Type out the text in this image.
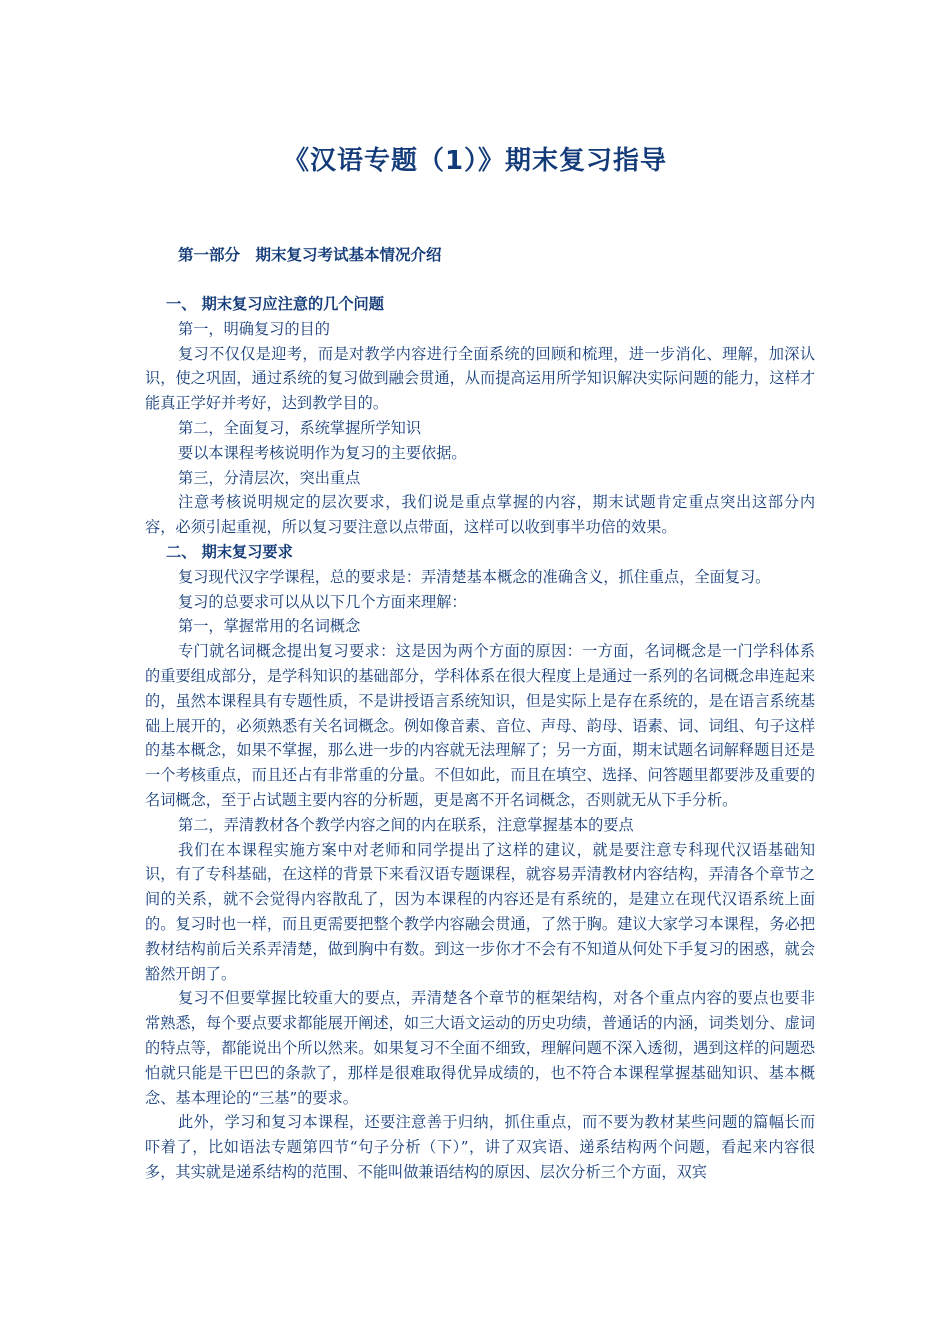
《汉语专题（1）》期末复习指导
第一部分　期末复习考试基本情况介绍

一、 期末复习应注意的几个问题

第一，明确复习的目的

复习不仅仅是迎考，而是对教学内容进行全面系统的回顾和梳理，进一步消化、理解，加深认识，使之巩固，通过系统的复习做到融会贯通，从而提高运用所学知识解决实际问题的能力，这样才能真正学好并考好，达到教学目的。

第二，全面复习，系统掌握所学知识

要以本课程考核说明作为复习的主要依据。

第三，分清层次，突出重点

注意考核说明规定的层次要求，我们说是重点掌握的内容，期末试题肯定重点突出这部分内容，必须引起重视，所以复习要注意以点带面，这样可以收到事半功倍的效果。

二、 期末复习要求

复习现代汉字学课程，总的要求是：弄清楚基本概念的准确含义，抓住重点，全面复习。

复习的总要求可以从以下几个方面来理解：

第一，掌握常用的名词概念

专门就名词概念提出复习要求：这是因为两个方面的原因：一方面，名词概念是一门学科体系的重要组成部分，是学科知识的基础部分，学科体系在很大程度上是通过一系列的名词概念串连起来的，虽然本课程具有专题性质，不是讲授语言系统知识，但是实际上是存在系统的，是在语言系统基础上展开的，必须熟悉有关名词概念。例如像音素、音位、声母、韵母、语素、词、词组、句子这样的基本概念，如果不掌握，那么进一步的内容就无法理解了；另一方面，期末试题名词解释题目还是一个考核重点，而且还占有非常重的分量。不但如此，而且在填空、选择、问答题里都要涉及重要的名词概念，至于占试题主要内容的分析题，更是离不开名词概念，否则就无从下手分析。

第二，弄清教材各个教学内容之间的内在联系，注意掌握基本的要点

我们在本课程实施方案中对老师和同学提出了这样的建议，就是要注意专科现代汉语基础知识，有了专科基础，在这样的背景下来看汉语专题课程，就容易弄清教材内容结构，弄清各个章节之间的关系，就不会觉得内容散乱了，因为本课程的内容还是有系统的，是建立在现代汉语系统上面的。复习时也一样，而且更需要把整个教学内容融会贯通，了然于胸。建议大家学习本课程，务必把教材结构前后关系弄清楚，做到胸中有数。到这一步你才不会有不知道从何处下手复习的困惑，就会豁然开朗了。

复习不但要掌握比较重大的要点，弄清楚各个章节的框架结构，对各个重点内容的要点也要非常熟悉，每个要点要求都能展开阐述，如三大语文运动的历史功绩，普通话的内涵，词类划分、虚词的特点等，都能说出个所以然来。如果复习不全面不细致，理解问题不深入透彻，遇到这样的问题恐怕就只能是干巴巴的条款了，那样是很难取得优异成绩的，也不符合本课程掌握基础知识、基本概念、基本理论的“三基”的要求。

此外，学习和复习本课程，还要注意善于归纳，抓住重点，而不要为教材某些问题的篇幅长而吓着了，比如语法专题第四节“句子分析（下）”，讲了双宾语、递系结构两个问题，看起来内容很多，其实就是递系结构的范围、不能叫做兼语结构的原因、层次分析三个方面，双宾
